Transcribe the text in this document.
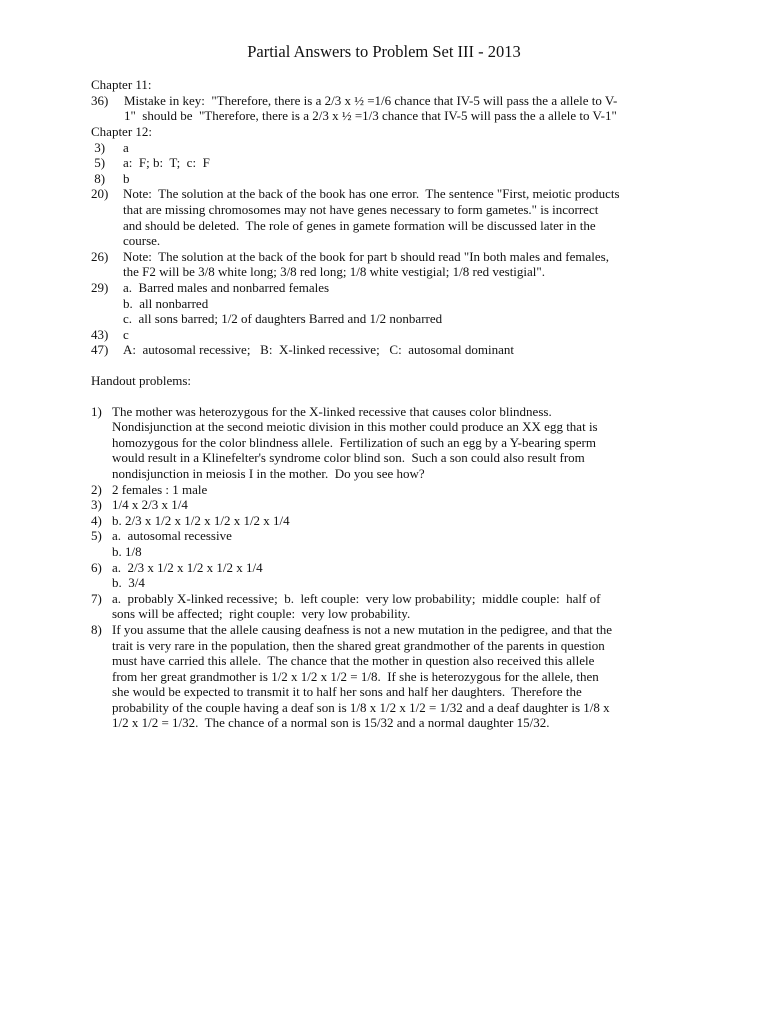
Partial Answers to Problem Set III - 2013
Chapter 11:
36) Mistake in key:  "Therefore, there is a 2/3 x ½ =1/6 chance that IV-5 will pass the a allele to V-
1"  should be  "Therefore, there is a 2/3 x ½ =1/3 chance that IV-5 will pass the a allele to V-1"
Chapter 12:
3) a
5) a:  F; b:  T;  c:  F
8) b
20) Note:  The solution at the back of the book has one error.  The sentence "First, meiotic products
that are missing chromosomes may not have genes necessary to form gametes." is incorrect
and should be deleted.  The role of genes in gamete formation will be discussed later in the
course.
26) Note:  The solution at the back of the book for part b should read "In both males and females,
the F2 will be 3/8 white long; 3/8 red long; 1/8 white vestigial; 1/8 red vestigial".
29) a.  Barred males and nonbarred females
b.  all nonbarred
c.  all sons barred; 1/2 of daughters Barred and 1/2 nonbarred
43) c
47) A:  autosomal recessive;   B:  X-linked recessive;   C:  autosomal dominant
Handout problems:
1) The mother was heterozygous for the X-linked recessive that causes color blindness.
Nondisjunction at the second meiotic division in this mother could produce an XX egg that is
homozygous for the color blindness allele.  Fertilization of such an egg by a Y-bearing sperm
would result in a Klinefelter's syndrome color blind son.  Such a son could also result from
nondisjunction in meiosis I in the mother.  Do you see how?
2) 2 females : 1 male
3) 1/4 x 2/3 x 1/4
4) b. 2/3 x 1/2 x 1/2 x 1/2 x 1/2 x 1/4
5) a.  autosomal recessive
b. 1/8
6) a.  2/3 x 1/2 x 1/2 x 1/2 x 1/4
b.  3/4
7) a.  probably X-linked recessive;  b.  left couple:  very low probability;  middle couple:  half of
sons will be affected;  right couple:  very low probability.
8) If you assume that the allele causing deafness is not a new mutation in the pedigree, and that the
trait is very rare in the population, then the shared great grandmother of the parents in question
must have carried this allele.  The chance that the mother in question also received this allele
from her great grandmother is 1/2 x 1/2 x 1/2 = 1/8.  If she is heterozygous for the allele, then
she would be expected to transmit it to half her sons and half her daughters.  Therefore the
probability of the couple having a deaf son is 1/8 x 1/2 x 1/2 = 1/32 and a deaf daughter is 1/8 x
1/2 x 1/2 = 1/32.  The chance of a normal son is 15/32 and a normal daughter 15/32.
